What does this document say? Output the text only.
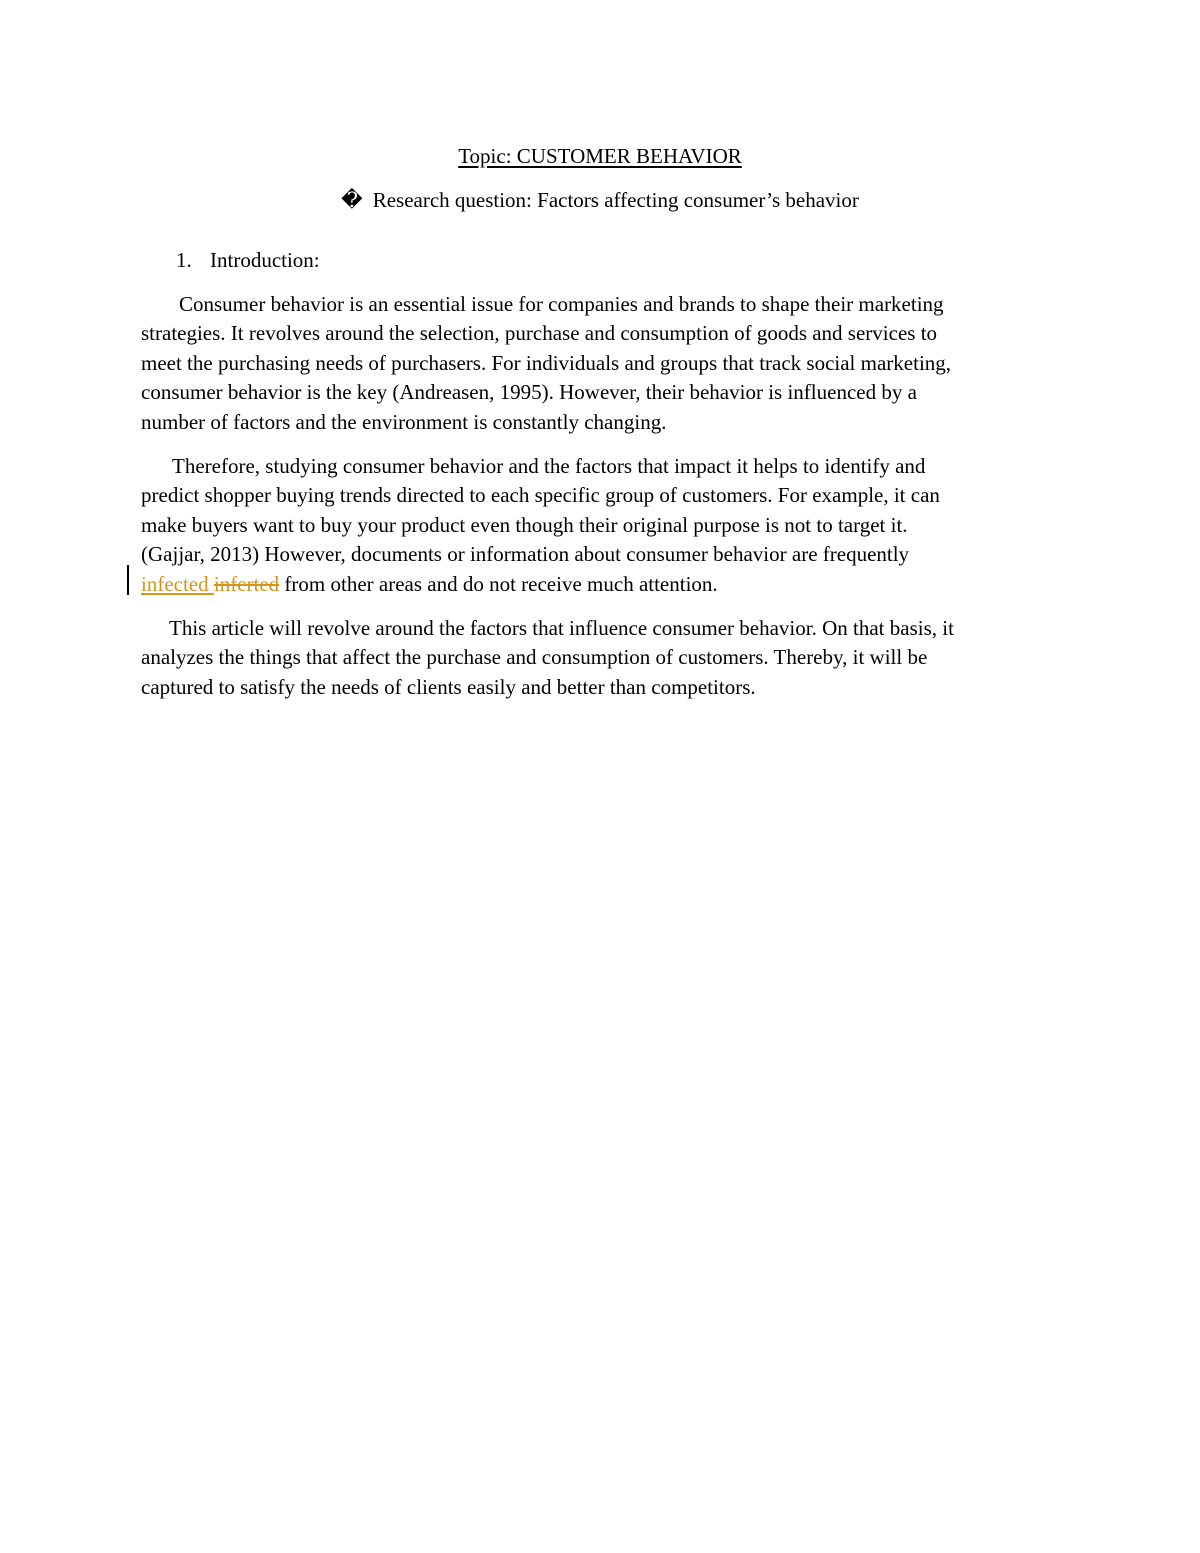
Topic: CUSTOMER BEHAVIOR
� Research question: Factors affecting consumer’s behavior
1. Introduction:

Consumer behavior is an essential issue for companies and brands to shape their marketing
strategies. It revolves around the selection, purchase and consumption of goods and services to
meet the purchasing needs of purchasers. For individuals and groups that track social marketing,
consumer behavior is the key (Andreasen, 1995). However, their behavior is influenced by a
number of factors and the environment is constantly changing.

Therefore, studying consumer behavior and the factors that impact it helps to identify and
predict shopper buying trends directed to each specific group of customers. For example, it can
make buyers want to buy your product even though their original purpose is not to target it.
(Gajjar, 2013) However, documents or information about consumer behavior are frequently
infected inferted from other areas and do not receive much attention.

This article will revolve around the factors that influence consumer behavior. On that basis, it
analyzes the things that affect the purchase and consumption of customers. Thereby, it will be
captured to satisfy the needs of clients easily and better than competitors.
